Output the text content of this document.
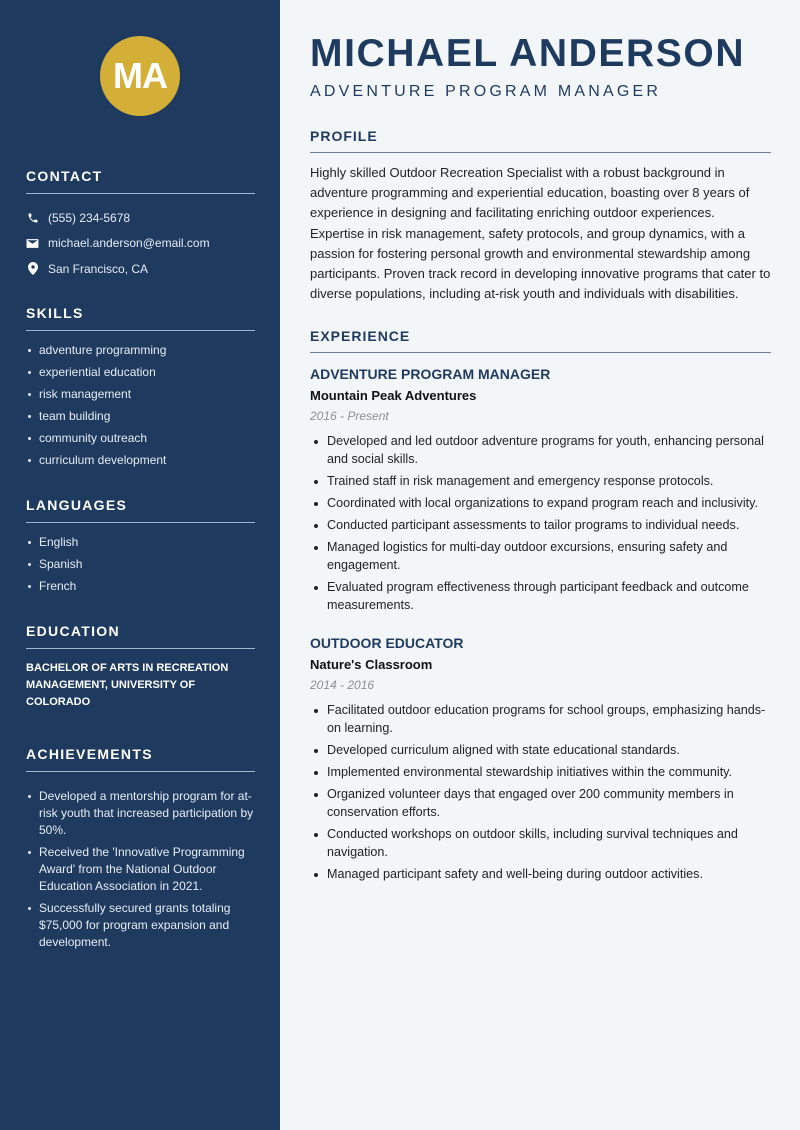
MA
CONTACT
(555) 234-5678
michael.anderson@email.com
San Francisco, CA
SKILLS
adventure programming
experiential education
risk management
team building
community outreach
curriculum development
LANGUAGES
English
Spanish
French
EDUCATION

BACHELOR OF ARTS IN RECREATION MANAGEMENT, UNIVERSITY OF COLORADO

ACHIEVEMENTS
Developed a mentorship program for at-risk youth that increased participation by 50%.
Received the 'Innovative Programming Award' from the National Outdoor Education Association in 2021.
Successfully secured grants totaling $75,000 for program expansion and development.
MICHAEL ANDERSON
ADVENTURE PROGRAM MANAGER
PROFILE

Highly skilled Outdoor Recreation Specialist with a robust background in adventure programming and experiential education, boasting over 8 years of experience in designing and facilitating enriching outdoor experiences. Expertise in risk management, safety protocols, and group dynamics, with a passion for fostering personal growth and environmental stewardship among participants. Proven track record in developing innovative programs that cater to diverse populations, including at-risk youth and individuals with disabilities.

EXPERIENCE
ADVENTURE PROGRAM MANAGER
Mountain Peak Adventures
2016 - Present
Developed and led outdoor adventure programs for youth, enhancing personal and social skills.
Trained staff in risk management and emergency response protocols.
Coordinated with local organizations to expand program reach and inclusivity.
Conducted participant assessments to tailor programs to individual needs.
Managed logistics for multi-day outdoor excursions, ensuring safety and engagement.
Evaluated program effectiveness through participant feedback and outcome measurements.
OUTDOOR EDUCATOR
Nature's Classroom
2014 - 2016
Facilitated outdoor education programs for school groups, emphasizing hands-on learning.
Developed curriculum aligned with state educational standards.
Implemented environmental stewardship initiatives within the community.
Organized volunteer days that engaged over 200 community members in conservation efforts.
Conducted workshops on outdoor skills, including survival techniques and navigation.
Managed participant safety and well-being during outdoor activities.
